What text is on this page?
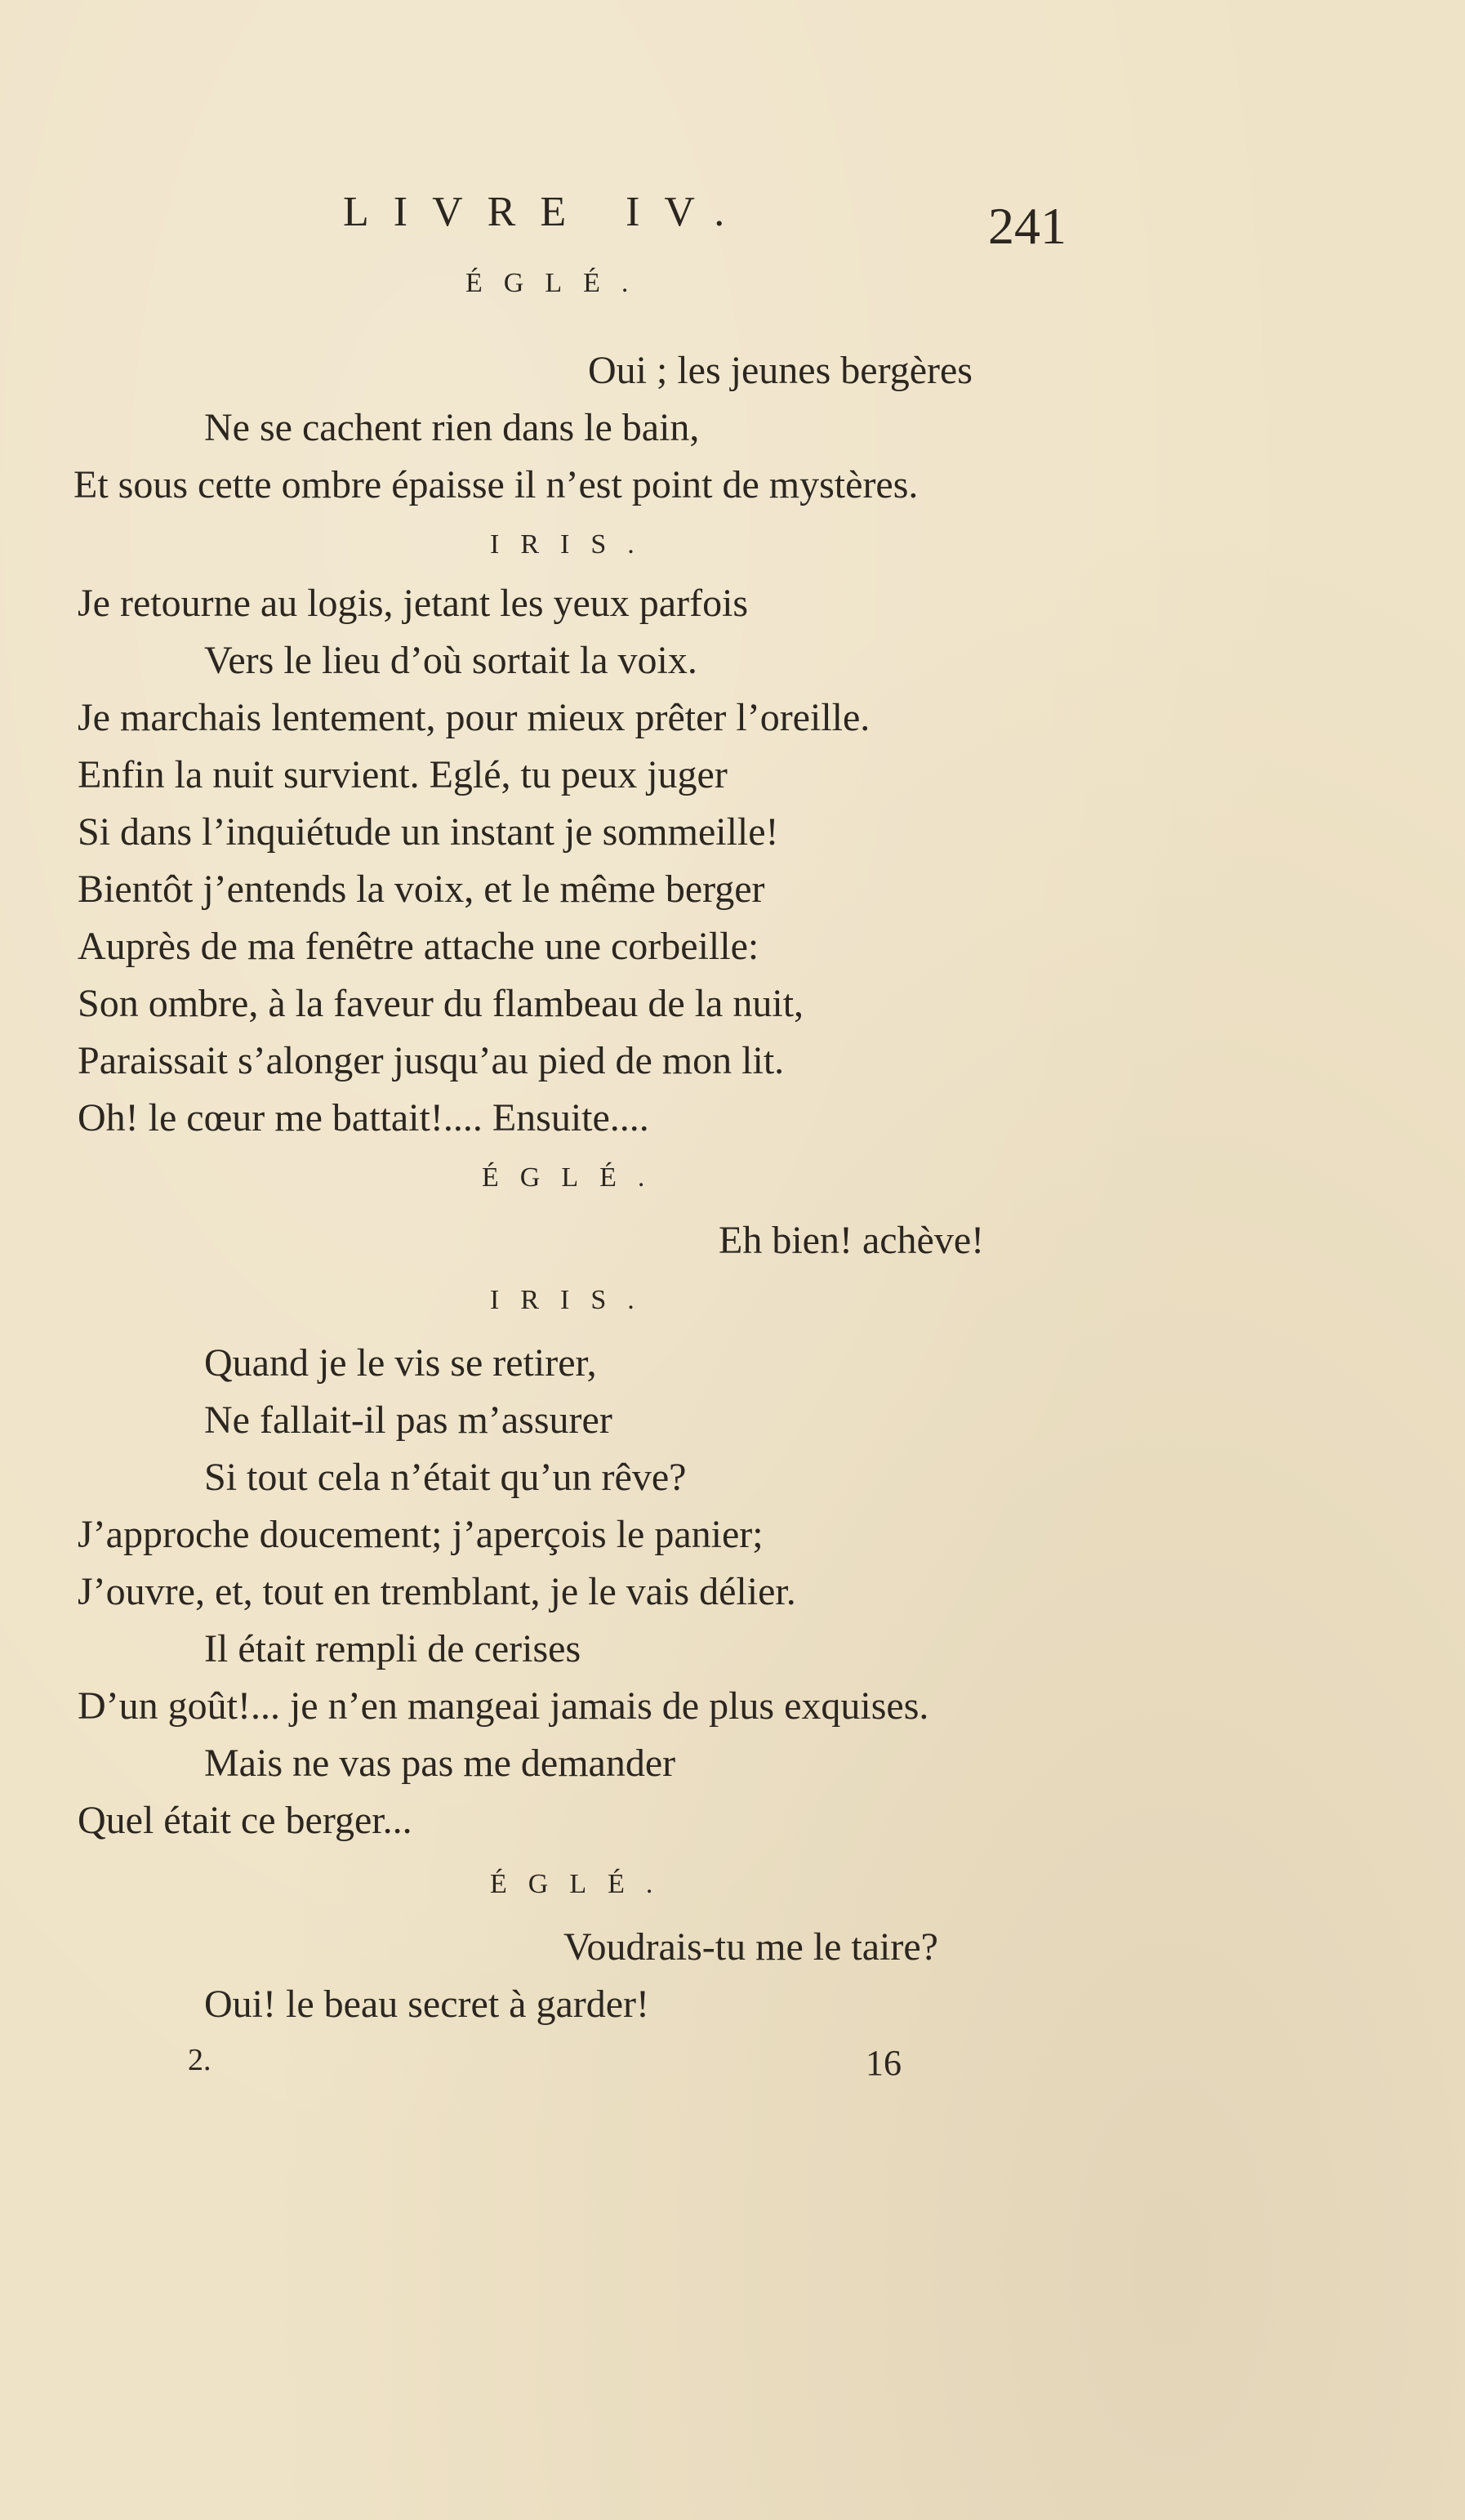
LIVRE IV.	241
ÉGLÉ.
Oui ; les jeunes bergères
Ne se cachent rien dans le bain,
Et sous cette ombre épaisse il n’est point de mystères.
IRIS.
Je retourne au logis, jetant les yeux parfois
Vers le lieu d’où sortait la voix.
Je marchais lentement, pour mieux prêter l’oreille.
Enfin la nuit survient. Eglé, tu peux juger
Si dans l’inquiétude un instant je sommeille!
Bientôt j’entends la voix, et le même berger
Auprès de ma fenêtre attache une corbeille:
Son ombre, à la faveur du flambeau de la nuit,
Paraissait s’alonger jusqu’au pied de mon lit.
Oh! le cœur me battait!.... Ensuite....
ÉGLÉ.
Eh bien! achève!
IRIS.
Quand je le vis se retirer,
Ne fallait-il pas m’assurer
Si tout cela n’était qu’un rêve?
J’approche doucement; j’aperçois le panier;
J’ouvre, et, tout en tremblant, je le vais délier.
Il était rempli de cerises
D’un goût!... je n’en mangeai jamais de plus exquises.
Mais ne vas pas me demander
Quel était ce berger...
ÉGLÉ.
Voudrais-tu me le taire?
Oui! le beau secret à garder!
2.	16
